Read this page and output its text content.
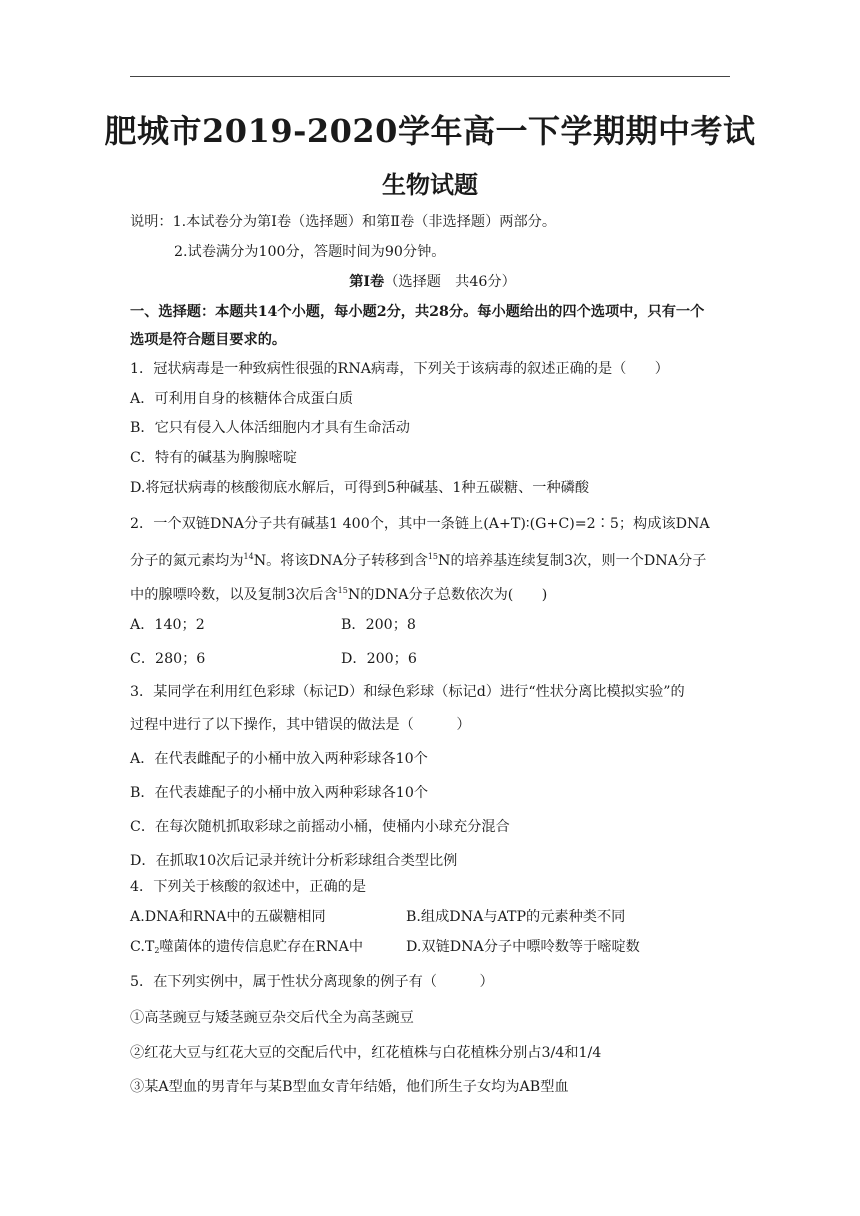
肥城市2019-2020学年高一下学期期中考试
生物试题
说明：1.本试卷分为第Ⅰ卷（选择题）和第Ⅱ卷（非选择题）两部分。
2.试卷满分为100分，答题时间为90分钟。
第Ⅰ卷（选择题　共46分）
一、选择题：本题共14个小题，每小题2分，共28分。每小题给出的四个选项中，只有一个
选项是符合题目要求的。
1．冠状病毒是一种致病性很强的RNA病毒，下列关于该病毒的叙述正确的是（　　）
A．可利用自身的核糖体合成蛋白质
B．它只有侵入人体活细胞内才具有生命活动
C．特有的碱基为胸腺嘧啶
D.将冠状病毒的核酸彻底水解后，可得到5种碱基、1种五碳糖、一种磷酸
2．一个双链DNA分子共有碱基1 400个，其中一条链上(A+T)∶(G+C)=2∶5；构成该DNA
分子的氮元素均为$^{14}$N。将该DNA分子转移到含$^{15}$N的培养基连续复制3次，则一个DNA分子
中的腺嘌呤数，以及复制3次后含$^{15}$N的DNA分子总数依次为(　　)
A．140；2	B．200；8
C．280；6	D．200；6
3．某同学在利用红色彩球（标记D）和绿色彩球（标记d）进行“性状分离比模拟实验”的
过程中进行了以下操作，其中错误的做法是（　　　）
A．在代表雌配子的小桶中放入两种彩球各10个
B．在代表雄配子的小桶中放入两种彩球各10个
C．在每次随机抓取彩球之前摇动小桶，使桶内小球充分混合
D．在抓取10次后记录并统计分析彩球组合类型比例
4．下列关于核酸的叙述中，正确的是
A.DNA和RNA中的五碳糖相同	B.组成DNA与ATP的元素种类不同
$C.T_2$噬菌体的遗传信息贮存在RNA中	D.双链DNA分子中嘌呤数等于嘧啶数
5．在下列实例中，属于性状分离现象的例子有（　　　）
①高茎豌豆与矮茎豌豆杂交后代全为高茎豌豆
②红花大豆与红花大豆的交配后代中，红花植株与白花植株分别占3/4和1/4
③某A型血的男青年与某B型血女青年结婚，他们所生子女均为AB型血
